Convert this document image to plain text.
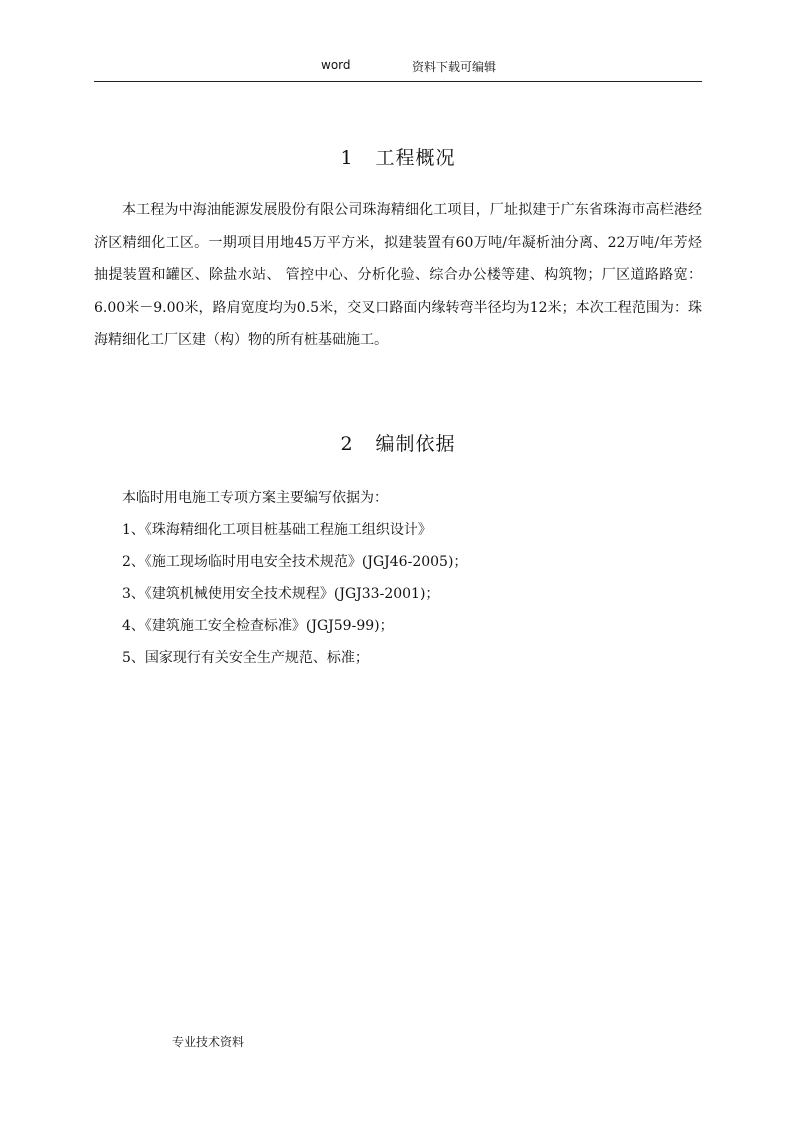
word	资料下载可编辑
1 工程概况

本工程为中海油能源发展股份有限公司珠海精细化工项目，厂址拟建于广东省珠海市高栏港经济区精细化工区。一期项目用地45万平方米，拟建装置有60万吨/年凝析油分离、22万吨/年芳烃抽提装置和罐区、除盐水站、 管控中心、分析化验、综合办公楼等建、构筑物；厂区道路路宽：6.00米－9.00米，路肩宽度均为0.5米，交叉口路面内缘转弯半径均为12米；本次工程范围为：珠海精细化工厂区建（构）物的所有桩基础施工。

2 编制依据
本临时用电施工专项方案主要编写依据为：
1、《珠海精细化工项目桩基础工程施工组织设计》
2、《施工现场临时用电安全技术规范》(JGJ46-2005)；
3、《建筑机械使用安全技术规程》(JGJ33-2001)；
4、《建筑施工安全检查标准》(JGJ59-99)；
5、国家现行有关安全生产规范、标准；
专业技术资料
